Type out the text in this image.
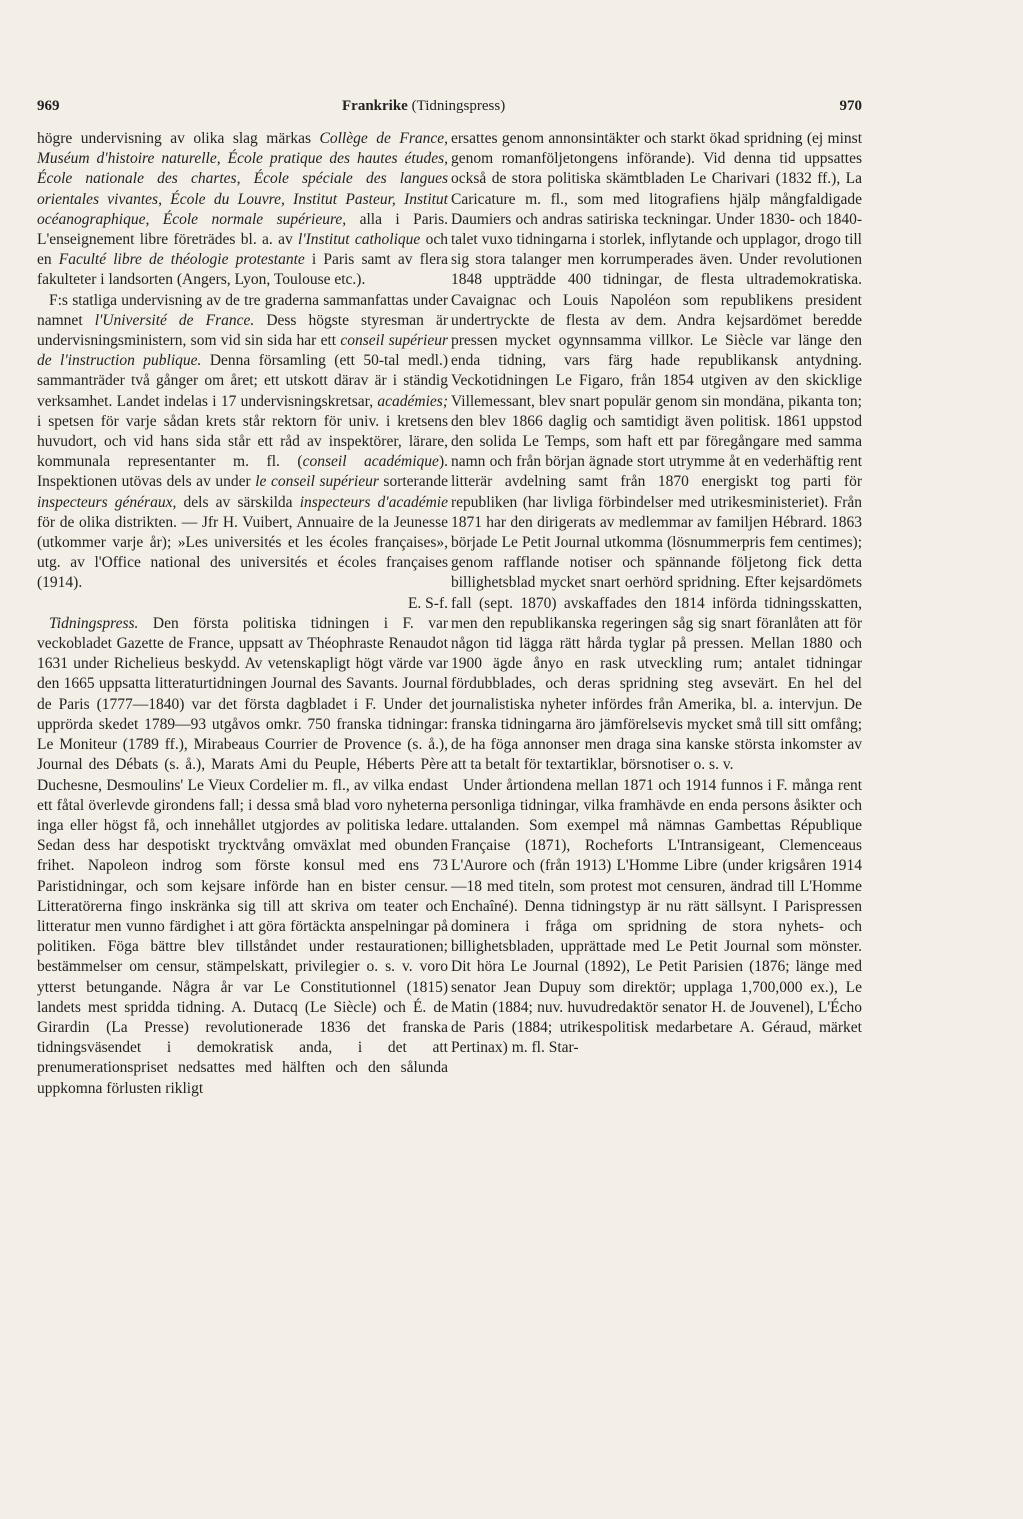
969	Frankrike (Tidningspress)	970

högre undervisning av olika slag märkas Collège de France, Muséum d'histoire naturelle, École pratique des hautes études, École nationale des chartes, École spéciale des langues orientales vivantes, École du Louvre, Institut Pasteur, Institut océanographique, École normale supérieure, alla i Paris. L'enseignement libre företrädes bl. a. av l'Institut catholique och en Faculté libre de théologie protestante i Paris samt av flera fakulteter i landsorten (Angers, Lyon, Toulouse etc.).

F:s statliga undervisning av de tre graderna sammanfattas under namnet l'Université de France. Dess högste styresman är undervisningsministern, som vid sin sida har ett conseil supérieur de l'instruction publique. Denna församling (ett 50-tal medl.) sammanträder två gånger om året; ett utskott därav är i ständig verksamhet. Landet indelas i 17 undervisningskretsar, académies; i spetsen för varje sådan krets står rektorn för univ. i kretsens huvudort, och vid hans sida står ett råd av inspektörer, lärare, kommunala representanter m. fl. (conseil académique). Inspektionen utövas dels av under le conseil supérieur sorterande inspecteurs généraux, dels av särskilda inspecteurs d'académie för de olika distrikten. — Jfr H. Vuibert, Annuaire de la Jeunesse (utkommer varje år); »Les universités et les écoles françaises», utg. av l'Office national des universités et écoles françaises (1914).
E. S-f.

Tidningspress. Den första politiska tidningen i F. var veckobladet Gazette de France, uppsatt av Théophraste Renaudot 1631 under Richelieus beskydd. Av vetenskapligt högt värde var den 1665 uppsatta litteraturtidningen Journal des Savants. Journal de Paris (1777—1840) var det första dagbladet i F. Under det upprörda skedet 1789—93 utgåvos omkr. 750 franska tidningar: Le Moniteur (1789 ff.), Mirabeaus Courrier de Provence (s. å.), Journal des Débats (s. å.), Marats Ami du Peuple, Héberts Père Duchesne, Desmoulins' Le Vieux Cordelier m. fl., av vilka endast ett fåtal överlevde girondens fall; i dessa små blad voro nyheterna inga eller högst få, och innehållet utgjordes av politiska ledare. Sedan dess har despotiskt trycktvång omväxlat med obunden frihet. Napoleon indrog som förste konsul med ens 73 Paristidningar, och som kejsare införde han en bister censur. Litteratörerna fingo inskränka sig till att skriva om teater och litteratur men vunno färdighet i att göra förtäckta anspelningar på politiken. Föga bättre blev tillståndet under restaurationen; bestämmelser om censur, stämpelskatt, privilegier o. s. v. voro ytterst betungande. Några år var Le Constitutionnel (1815) landets mest spridda tidning. A. Dutacq (Le Siècle) och É. de Girardin (La Presse) revolutionerade 1836 det franska tidningsväsendet i demokratisk anda, i det att prenumerationspriset nedsattes med hälften och den sålunda uppkomna förlusten rikligt

ersattes genom annonsintäkter och starkt ökad spridning (ej minst genom romanföljetongens införande). Vid denna tid uppsattes också de stora politiska skämtbladen Le Charivari (1832 ff.), La Caricature m. fl., som med litografiens hjälp mångfaldigade Daumiers och andras satiriska teckningar. Under 1830- och 1840-talet vuxo tidningarna i storlek, inflytande och upplagor, drogo till sig stora talanger men korrumperades även. Under revolutionen 1848 uppträdde 400 tidningar, de flesta ultrademokratiska. Cavaignac och Louis Napoléon som republikens president undertryckte de flesta av dem. Andra kejsardömet beredde pressen mycket ogynnsamma villkor. Le Siècle var länge den enda tidning, vars färg hade republikansk antydning. Veckotidningen Le Figaro, från 1854 utgiven av den skicklige Villemessant, blev snart populär genom sin mondäna, pikanta ton; den blev 1866 daglig och samtidigt även politisk. 1861 uppstod den solida Le Temps, som haft ett par föregångare med samma namn och från början ägnade stort utrymme åt en vederhäftig rent litterär avdelning samt från 1870 energiskt tog parti för republiken (har livliga förbindelser med utrikesministeriet). Från 1871 har den dirigerats av medlemmar av familjen Hébrard. 1863 började Le Petit Journal utkomma (lösnummerpris fem centimes); genom rafflande notiser och spännande följetong fick detta billighetsblad mycket snart oerhörd spridning. Efter kejsardömets fall (sept. 1870) avskaffades den 1814 införda tidningsskatten, men den republikanska regeringen såg sig snart föranlåten att för någon tid lägga rätt hårda tyglar på pressen. Mellan 1880 och 1900 ägde ånyo en rask utveckling rum; antalet tidningar fördubblades, och deras spridning steg avsevärt. En hel del journalistiska nyheter infördes från Amerika, bl. a. intervjun. De franska tidningarna äro jämförelsevis mycket små till sitt omfång; de ha föga annonser men draga sina kanske största inkomster av att ta betalt för textartiklar, börsnotiser o. s. v.

Under årtiondena mellan 1871 och 1914 funnos i F. många rent personliga tidningar, vilka framhävde en enda persons åsikter och uttalanden. Som exempel må nämnas Gambettas République Française (1871), Rocheforts L'Intransigeant, Clemenceaus L'Aurore och (från 1913) L'Homme Libre (under krigsåren 1914—18 med titeln, som protest mot censuren, ändrad till L'Homme Enchaîné). Denna tidningstyp är nu rätt sällsynt. I Parispressen dominera i fråga om spridning de stora nyhets- och billighetsbladen, upprättade med Le Petit Journal som mönster. Dit höra Le Journal (1892), Le Petit Parisien (1876; länge med senator Jean Dupuy som direktör; upplaga 1,700,000 ex.), Le Matin (1884; nuv. huvudredaktör senator H. de Jouvenel), L'Écho de Paris (1884; utrikespolitisk medarbetare A. Géraud, märket Pertinax) m. fl. Star-
